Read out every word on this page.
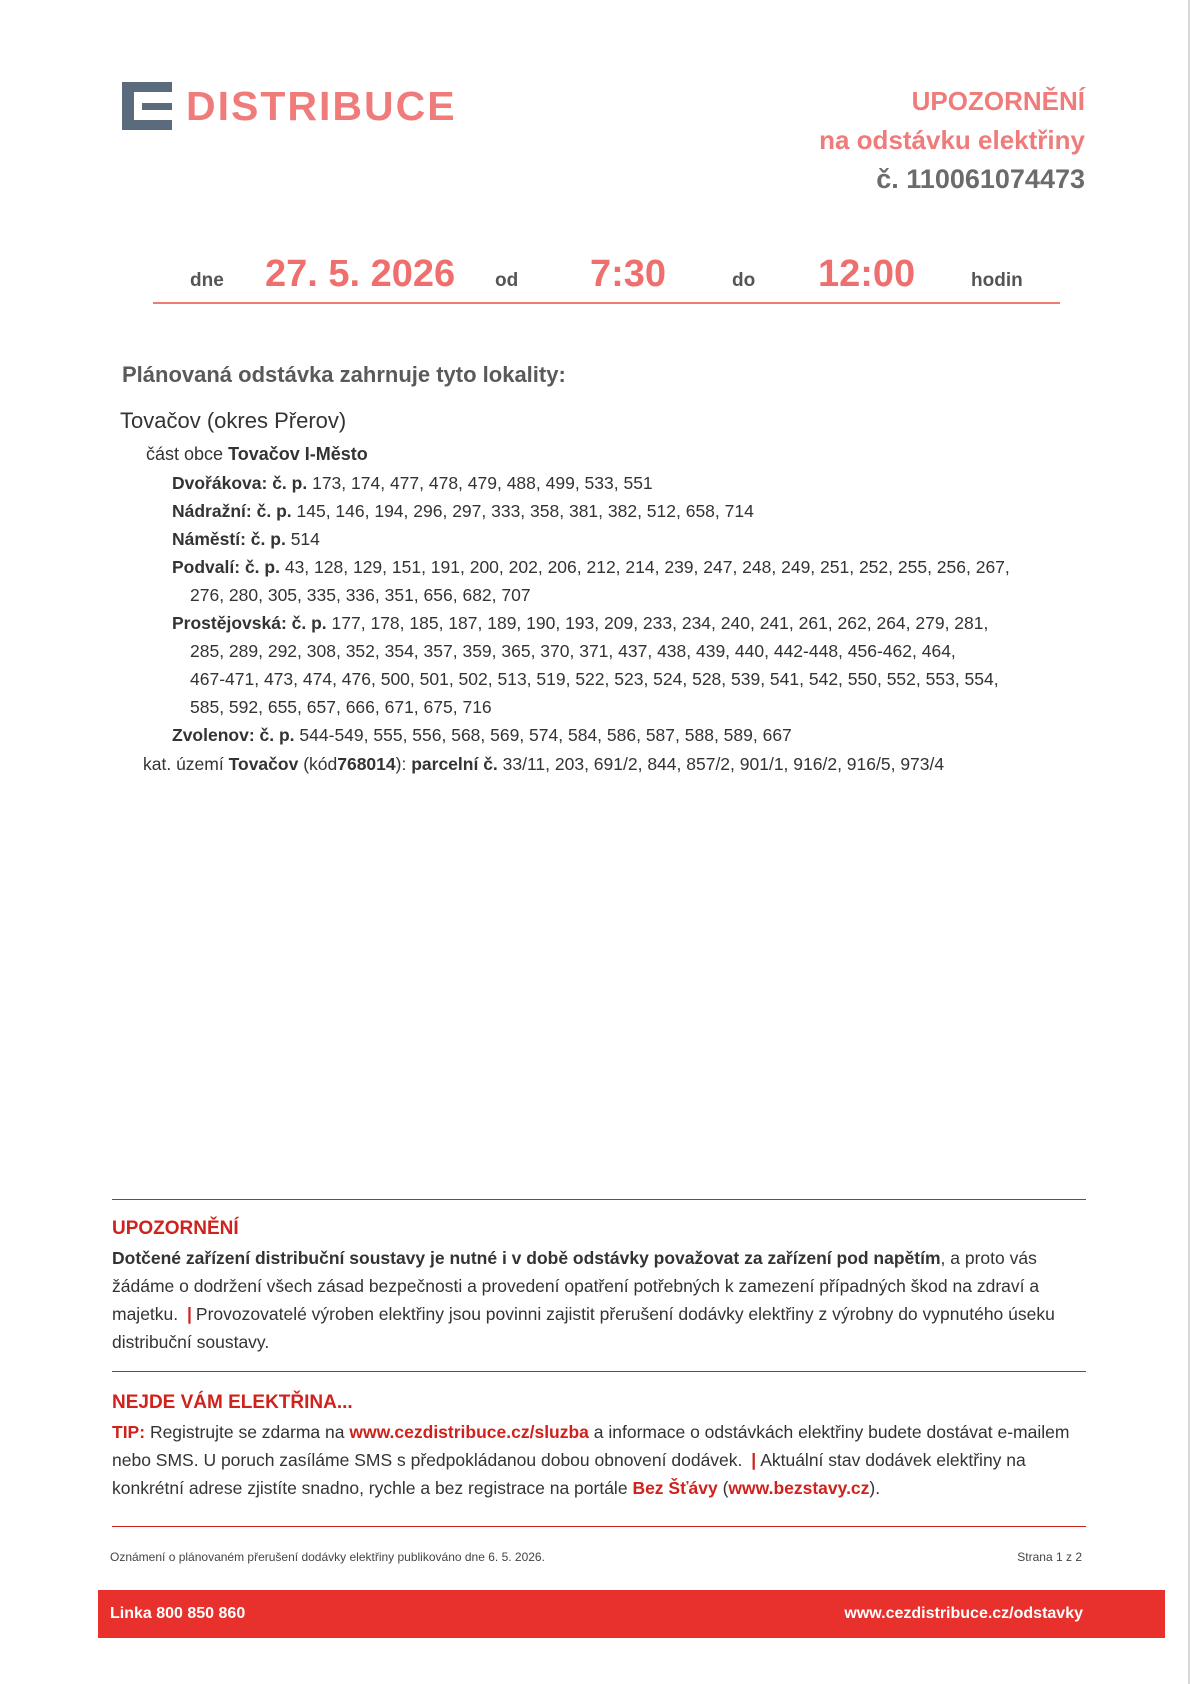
DISTRIBUCE	UPOZORNĚNÍ
na odstávku elektřiny
č. 110061074473
dne 27. 5. 2026 od 7:30	do 12:00	hodin
Plánovaná odstávka zahrnuje tyto lokality:
Tovačov (okres Přerov)
část obce Tovačov I-Město
Dvořákova: č. p. 173, 174, 477, 478, 479, 488, 499, 533, 551
Nádražní: č. p. 145, 146, 194, 296, 297, 333, 358, 381, 382, 512, 658, 714
Náměstí: č. p. 514
Podvalí: č. p. 43, 128, 129, 151, 191, 200, 202, 206, 212, 214, 239, 247, 248, 249, 251, 252, 255, 256, 267,
276, 280, 305, 335, 336, 351, 656, 682, 707
Prostějovská: č. p. 177, 178, 185, 187, 189, 190, 193, 209, 233, 234, 240, 241, 261, 262, 264, 279, 281,
285, 289, 292, 308, 352, 354, 357, 359, 365, 370, 371, 437, 438, 439, 440, 442-448, 456-462, 464,
467-471, 473, 474, 476, 500, 501, 502, 513, 519, 522, 523, 524, 528, 539, 541, 542, 550, 552, 553, 554,
585, 592, 655, 657, 666, 671, 675, 716
Zvolenov: č. p. 544-549, 555, 556, 568, 569, 574, 584, 586, 587, 588, 589, 667
kat. území Tovačov (kód768014): parcelní č. 33/11, 203, 691/2, 844, 857/2, 901/1, 916/2, 916/5, 973/4
UPOZORNĚNÍ
Dotčené zařízení distribuční soustavy je nutné i v době odstávky považovat za zařízení pod napětím, a proto vás žádáme o dodržení všech zásad bezpečnosti a provedení opatření potřebných k zamezení případných škod na zdraví a majetku. | Provozovatelé výroben elektřiny jsou povinni zajistit přerušení dodávky elektřiny z výrobny do vypnutého úseku distribuční soustavy.
NEJDE VÁM ELEKTŘINA...
TIP: Registrujte se zdarma na www.cezdistribuce.cz/sluzba a informace o odstávkách elektřiny budete dostávat e-mailem nebo SMS. U poruch zasíláme SMS s předpokládanou dobou obnovení dodávek. | Aktuální stav dodávek elektřiny na konkrétní adrese zjistíte snadno, rychle a bez registrace na portále Bez Šťávy (www.bezstavy.cz).
Oznámení o plánovaném přerušení dodávky elektřiny publikováno dne 6. 5. 2026.	Strana 1 z 2
Linka 800 850 860	www.cezdistribuce.cz/odstavky
